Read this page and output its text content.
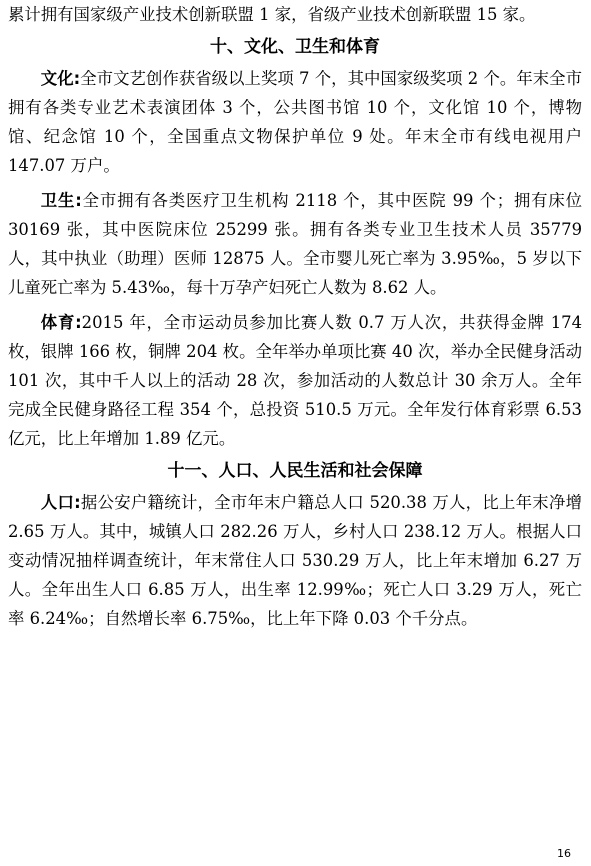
累计拥有国家级产业技术创新联盟 1 家，省级产业技术创新联盟 15 家。

十、文化、卫生和体育

文化:全市文艺创作获省级以上奖项 7 个，其中国家级奖项 2 个。年末全市拥有各类专业艺术表演团体 3 个，公共图书馆 10 个，文化馆 10 个，博物馆、纪念馆 10 个，全国重点文物保护单位 9 处。年末全市有线电视用户 147.07 万户。

卫生:全市拥有各类医疗卫生机构 2118 个，其中医院 99 个；拥有床位 30169 张，其中医院床位 25299 张。拥有各类专业卫生技术人员 35779 人，其中执业（助理）医师 12875 人。全市婴儿死亡率为 3.95‰，5 岁以下儿童死亡率为 5.43‰，每十万孕产妇死亡人数为 8.62 人。

体育:2015 年，全市运动员参加比赛人数 0.7 万人次，共获得金牌 174 枚，银牌 166 枚，铜牌 204 枚。全年举办单项比赛 40 次，举办全民健身活动 101 次，其中千人以上的活动 28 次，参加活动的人数总计 30 余万人。全年完成全民健身路径工程 354 个，总投资 510.5 万元。全年发行体育彩票 6.53 亿元，比上年增加 1.89 亿元。

十一、人口、人民生活和社会保障

人口:据公安户籍统计，全市年末户籍总人口 520.38 万人，比上年末净增 2.65 万人。其中，城镇人口 282.26 万人，乡村人口 238.12 万人。根据人口变动情况抽样调查统计，年末常住人口 530.29 万人，比上年末增加 6.27 万人。全年出生人口 6.85 万人，出生率 12.99‰；死亡人口 3.29 万人，死亡率 6.24‰；自然增长率 6.75‰，比上年下降 0.03 个千分点。

16
